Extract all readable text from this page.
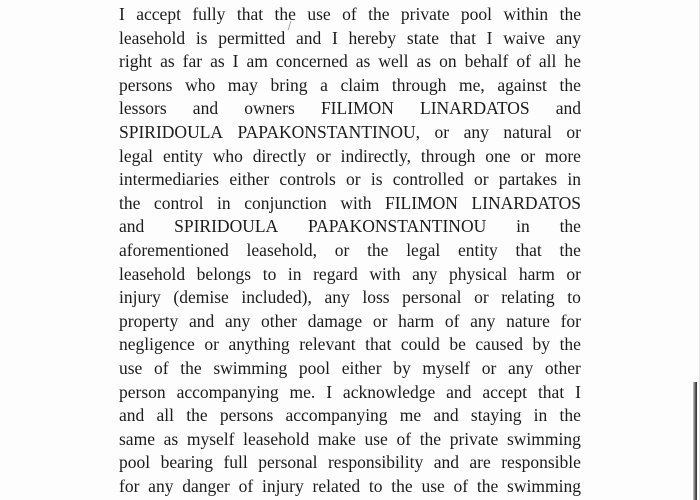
I accept fully that the use of the private pool within the
leasehold is permitted and I hereby state that I waive any
right as far as I am concerned as well as on behalf of all he
persons who may bring a claim through me, against the
lessors and owners FILIMON LINARDATOS and
SPIRIDOULA PAPAKONSTANTINOU, or any natural or
legal entity who directly or indirectly, through one or more
intermediaries either controls or is controlled or partakes in
the control in conjunction with FILIMON LINARDATOS
and SPIRIDOULA PAPAKONSTANTINOU in the
aforementioned leasehold, or the legal entity that the
leasehold belongs to in regard with any physical harm or
injury (demise included), any loss personal or relating to
property and any other damage or harm of any nature for
negligence or anything relevant that could be caused by the
use of the swimming pool either by myself or any other
person accompanying me. I acknowledge and accept that I
and all the persons accompanying me and staying in the
same as myself leasehold make use of the private swimming
pool bearing full personal responsibility and are responsible
for any danger of injury related to the use of the swimming
